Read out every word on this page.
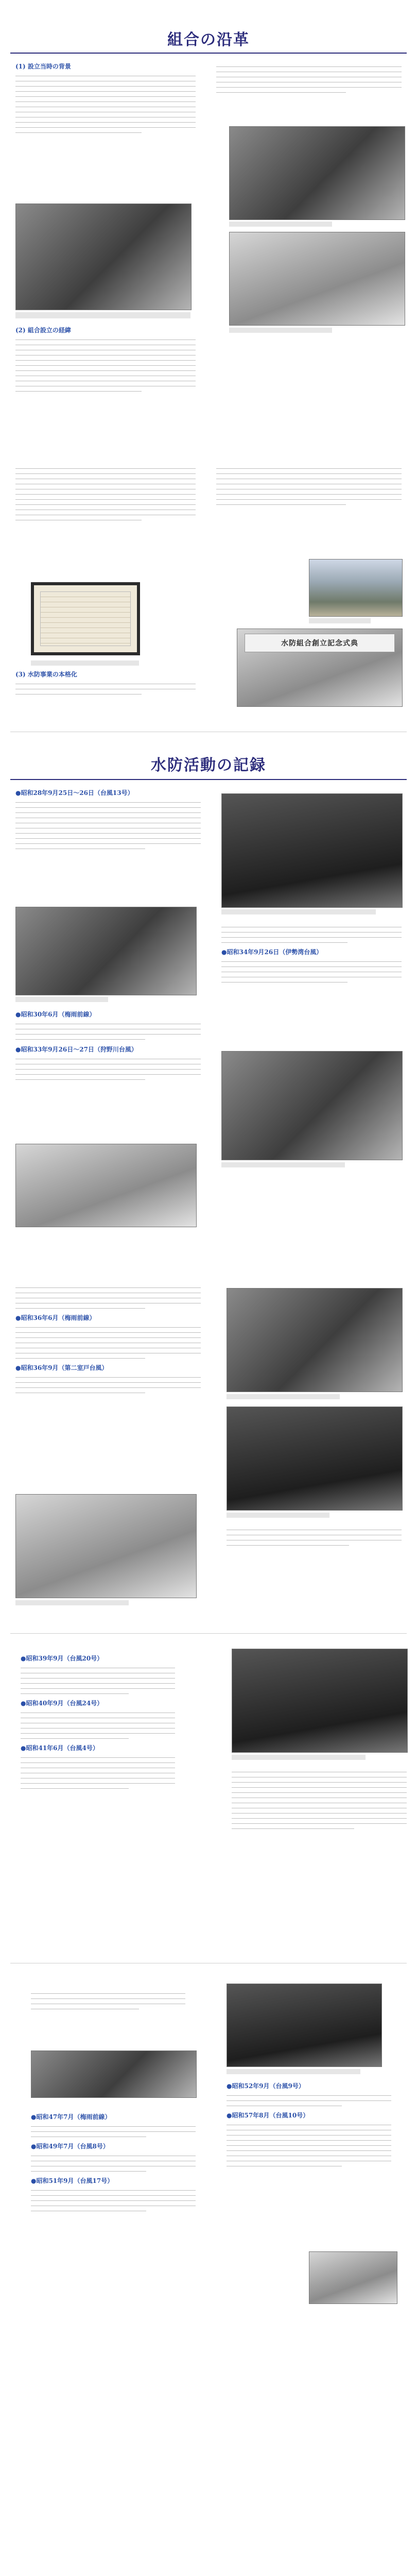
組合の沿革
(1) 設立当時の背景
(2) 組合設立の経緯
(3) 水防事業の本格化
水防組合創立記念式典
水防活動の記録
●昭和28年9月25日〜26日（台風13号）
●昭和30年6月（梅雨前線）
●昭和33年9月26日〜27日（狩野川台風）
●昭和34年9月26日（伊勢湾台風）
●昭和36年6月（梅雨前線）
●昭和36年9月（第二室戸台風）
●昭和39年9月（台風20号）
●昭和40年9月（台風24号）
●昭和41年6月（台風4号）
●昭和47年7月（梅雨前線）
●昭和49年7月（台風8号）
●昭和51年9月（台風17号）
●昭和52年9月（台風9号）
●昭和57年8月（台風10号）
